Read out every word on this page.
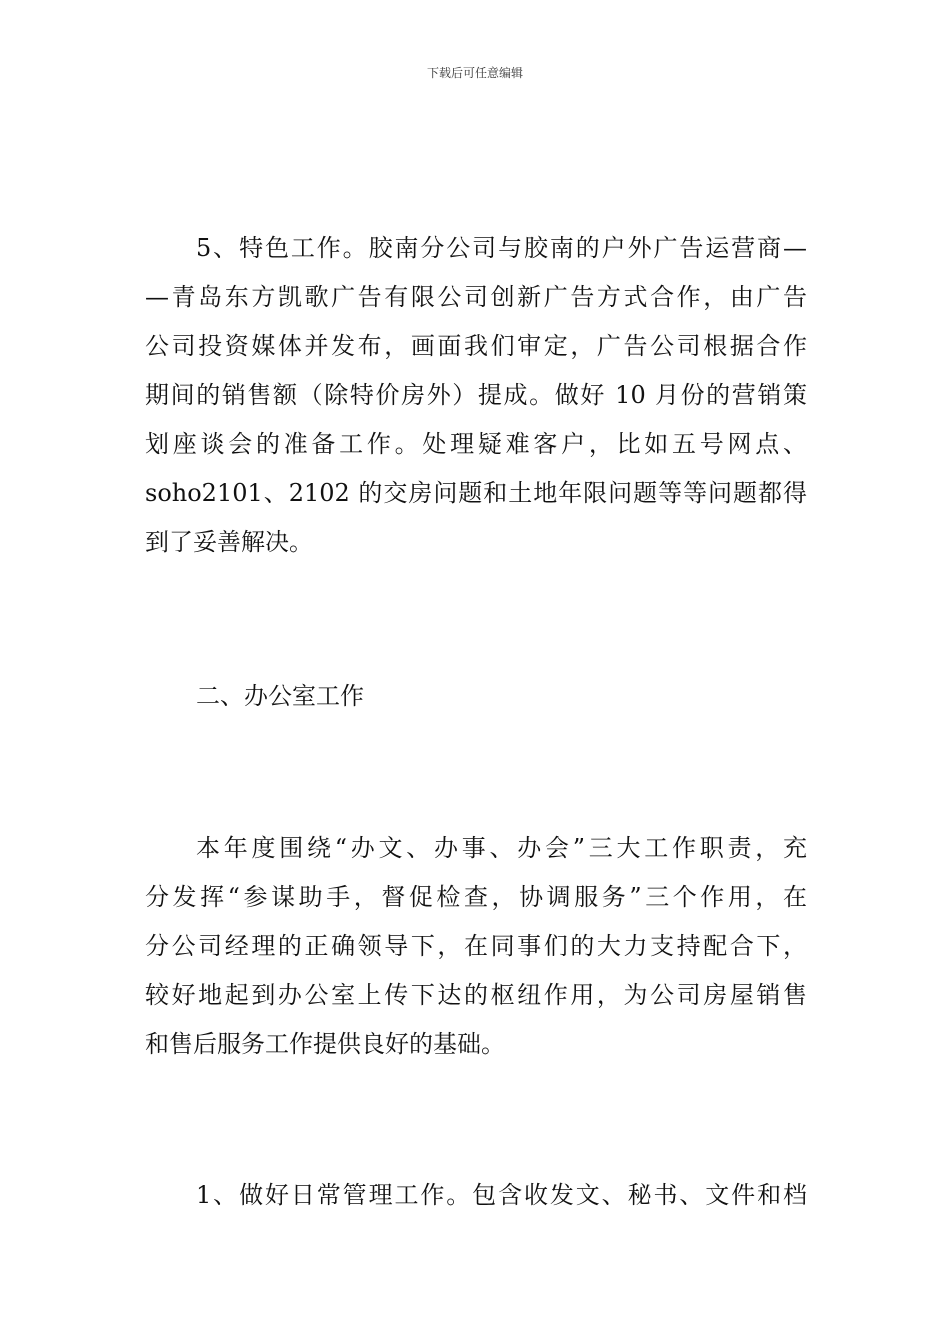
下载后可任意编辑
5、特色工作。胶南分公司与胶南的户外广告运营商—
—青岛东方凯歌广告有限公司创新广告方式合作，由广告
公司投资媒体并发布，画面我们审定，广告公司根据合作
期间的销售额（除特价房外）提成。做好 10 月份的营销策
划座谈会的准备工作。处理疑难客户，比如五号网点、
soho2101、2102 的交房问题和土地年限问题等等问题都得
到了妥善解决。
二、办公室工作
本年度围绕“办文、办事、办会”三大工作职责，充
分发挥“参谋助手，督促检查，协调服务”三个作用，在
分公司经理的正确领导下，在同事们的大力支持配合下，
较好地起到办公室上传下达的枢纽作用，为公司房屋销售
和售后服务工作提供良好的基础。
1、做好日常管理工作。包含收发文、秘书、文件和档
